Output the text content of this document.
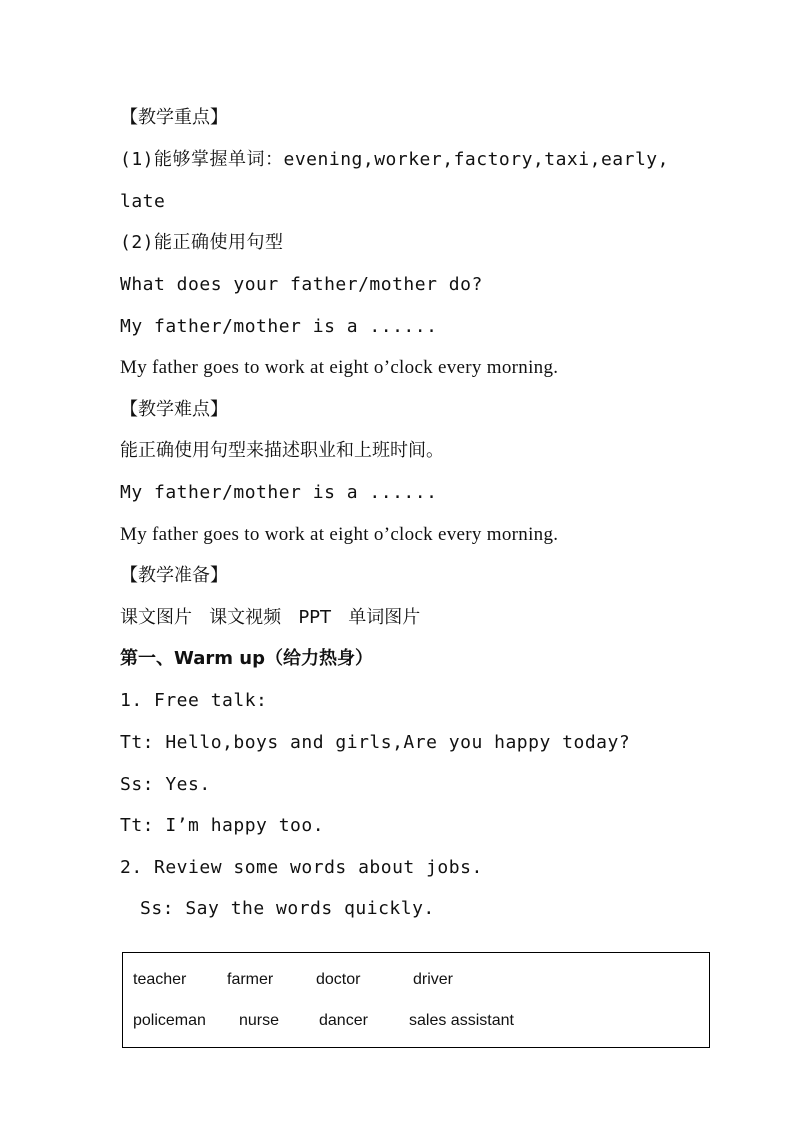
【教学重点】
(1)能够掌握单词：evening,worker,factory,taxi,early,
late
(2)能正确使用句型
What does your father/mother do?
My father/mother is a ......
My father goes to work at eight o’clock every morning.
【教学难点】
能正确使用句型来描述职业和上班时间。
My father/mother is a ......
My father goes to work at eight o’clock every morning.
【教学准备】
课文图片   课文视频   PPT   单词图片
第一、Warm up（给力热身）
1. Free talk:
Tt: Hello,boys and girls,Are you happy today?
Ss: Yes.
Tt: I’m happy too.
2. Review some words about jobs.
Ss: Say the words quickly.
teacher	farmer	doctor	driver
policeman nurse dancer	sales assistant
